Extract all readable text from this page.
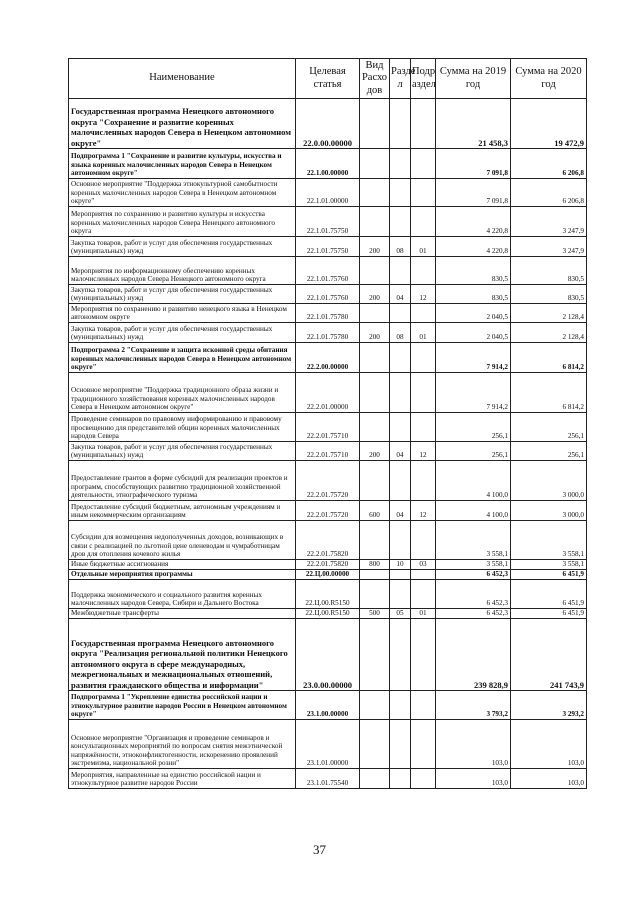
Наименование	Целевая статья	Вид Расхо дов	Разде л	Подр аздел	Сумма на 2019 год	Сумма на 2020 год
Государственная программа Ненецкого автономного округа "Сохранение и развитие коренных малочисленных народов Севера в Ненецком автономном округе"	22.0.00.00000				21 458,3	19 472,9
Подпрограмма 1 "Сохранение и развитие культуры, искусства и языка коренных малочисленных народов Севера в Ненецком автономном округе"	22.1.00.00000				7 091,8	6 206,8
Основное мероприятие "Поддержка этнокультурной самобытности коренных малочисленных народов Севера в Ненецком автономном округе"	22.1.01.00000				7 091,8	6 206,8
Мероприятия по сохранению и развитию культуры и искусства коренных малочисленных народов Севера Ненецкого автономного округа	22.1.01.75750				4 220,8	3 247,9
Закупка товаров, работ и услуг для обеспечения государственных (муниципальных) нужд	22.1.01.75750	200	08	01	4 220,8	3 247,9
Мероприятия по информационному обеспечению коренных малочисленных народов Севера Ненецкого автономного округа	22.1.01.75760				830,5	830,5
Закупка товаров, работ и услуг для обеспечения государственных (муниципальных) нужд	22.1.01.75760	200	04	12	830,5	830,5
Мероприятия по сохранению и развитию ненецкого языка в Ненецком автономном округе	22.1.01.75780				2 040,5	2 128,4
Закупка товаров, работ и услуг для обеспечения государственных (муниципальных) нужд	22.1.01.75780	200	08	01	2 040,5	2 128,4
Подпрограмма 2 "Сохранение и защита исконной среды обитания коренных малочисленных народов Севера в Ненецком автономном округе"	22.2.00.00000				7 914,2	6 814,2
Основное мероприятие "Поддержка традиционного образа жизни и традиционного хозяйствования коренных малочисленных народов Севера в Ненецком автономном округе"	22.2.01.00000				7 914,2	6 814,2
Проведение семинаров по правовому информированию и правовому просвещению для представителей общин коренных малочисленных народов Севера	22.2.01.75710				256,1	256,1
Закупка товаров, работ и услуг для обеспечения государственных (муниципальных) нужд	22.2.01.75710	200	04	12	256,1	256,1
Предоставление грантов в форме субсидий для реализации проектов и программ, способствующих развитию традиционной хозяйственной деятельности, этнографического туризма	22.2.01.75720				4 100,0	3 000,0
Предоставление субсидий бюджетным, автономным учреждениям и иным некоммерческим организациям	22.2.01.75720	600	04	12	4 100,0	3 000,0
Субсидии для возмещения недополученных доходов, возникающих в связи с реализацией по льготной цене оленеводам и чумработницам дров для отопления кочевого жилья	22.2.01.75820				3 558,1	3 558,1
Иные бюджетные ассигнования	22.2.01.75820	800	10	03	3 558,1	3 558,1
Отдельные мероприятия программы	22.Ц.00.00000				6 452,3	6 451,9
Поддержка экономического и социального развития коренных малочисленных народов Севера, Сибири и Дальнего Востока	22.Ц.00.R5150				6 452,3	6 451,9
Межбюджетные трансферты	22.Ц.00.R5150	500	05	01	6 452,3	6 451,9
Государственная программа Ненецкого автономного округа "Реализация региональной политики Ненецкого автономного округа в сфере международных, межрегиональных и межнациональных отношений, развития гражданского общества и информации"	23.0.00.00000				239 828,9	241 743,9
Подпрограмма 1 "Укрепление единства российской нации и этнокультурное развитие народов России в Ненецком автономном округе"	23.1.00.00000				3 793,2	3 293,2
Основное мероприятие "Организация и проведение семинаров и консультационных мероприятий по вопросам снятия межэтнической напряжённости, этноконфликтогенности, искоренению проявлений экстремизма, национальной розни"	23.1.01.00000				103,0	103,0
Мероприятия, направленные на единство российской нации и этнокультурное развитие народов России	23.1.01.75540				103,0	103,0
37
